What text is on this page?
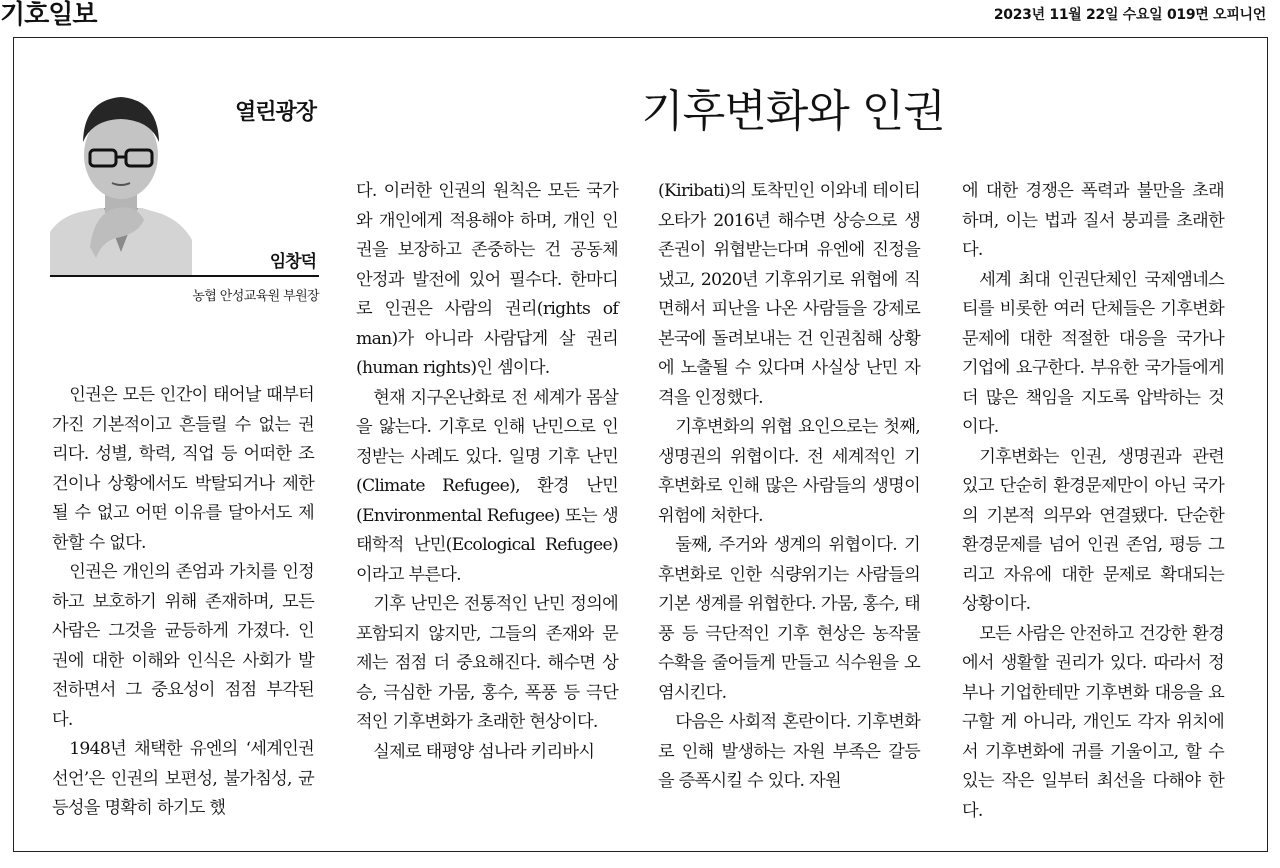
기호일보	2023년 11월 22일 수요일 019면 오피니언
열린광장
임창덕
농협 안성교육원 부원장
기후변화와 인권

인권은 모든 인간이 태어날 때부터 가진 기본적이고 흔들릴 수 없는 권리다. 성별, 학력, 직업 등 어떠한 조건이나 상황에서도 박탈되거나 제한될 수 없고 어떤 이유를 달아서도 제한할 수 없다.

인권은 개인의 존엄과 가치를 인정하고 보호하기 위해 존재하며, 모든 사람은 그것을 균등하게 가졌다. 인권에 대한 이해와 인식은 사회가 발전하면서 그 중요성이 점점 부각된다.

1948년 채택한 유엔의 ‘세계인권선언’은 인권의 보편성, 불가침성, 균등성을 명확히 하기도 했

다. 이러한 인권의 원칙은 모든 국가와 개인에게 적용해야 하며, 개인 인권을 보장하고 존중하는 건 공동체 안정과 발전에 있어 필수다. 한마디로 인권은 사람의 권리(rights of man)가 아니라 사람답게 살 권리(human rights)인 셈이다.

현재 지구온난화로 전 세계가 몸살을 앓는다. 기후로 인해 난민으로 인정받는 사례도 있다. 일명 기후 난민(Climate Refugee), 환경 난민(Environmental Refugee) 또는 생태학적 난민(Ecological Refugee)이라고 부른다.

기후 난민은 전통적인 난민 정의에 포함되지 않지만, 그들의 존재와 문제는 점점 더 중요해진다. 해수면 상승, 극심한 가뭄, 홍수, 폭풍 등 극단적인 기후변화가 초래한 현상이다.

실제로 태평양 섬나라 키리바시

(Kiribati)의 토착민인 이와네 테이티오타가 2016년 해수면 상승으로 생존권이 위협받는다며 유엔에 진정을 냈고, 2020년 기후위기로 위협에 직면해서 피난을 나온 사람들을 강제로 본국에 돌려보내는 건 인권침해 상황에 노출될 수 있다며 사실상 난민 자격을 인정했다.

기후변화의 위협 요인으로는 첫째, 생명권의 위협이다. 전 세계적인 기후변화로 인해 많은 사람들의 생명이 위험에 처한다.

둘째, 주거와 생계의 위협이다. 기후변화로 인한 식량위기는 사람들의 기본 생계를 위협한다. 가뭄, 홍수, 태풍 등 극단적인 기후 현상은 농작물 수확을 줄어들게 만들고 식수원을 오염시킨다.

다음은 사회적 혼란이다. 기후변화로 인해 발생하는 자원 부족은 갈등을 증폭시킬 수 있다. 자원

에 대한 경쟁은 폭력과 불만을 초래하며, 이는 법과 질서 붕괴를 초래한다.

세계 최대 인권단체인 국제앰네스티를 비롯한 여러 단체들은 기후변화 문제에 대한 적절한 대응을 국가나 기업에 요구한다. 부유한 국가들에게 더 많은 책임을 지도록 압박하는 것이다.

기후변화는 인권, 생명권과 관련 있고 단순히 환경문제만이 아닌 국가의 기본적 의무와 연결됐다. 단순한 환경문제를 넘어 인권 존엄, 평등 그리고 자유에 대한 문제로 확대되는 상황이다.

모든 사람은 안전하고 건강한 환경에서 생활할 권리가 있다. 따라서 정부나 기업한테만 기후변화 대응을 요구할 게 아니라, 개인도 각자 위치에서 기후변화에 귀를 기울이고, 할 수 있는 작은 일부터 최선을 다해야 한다.
